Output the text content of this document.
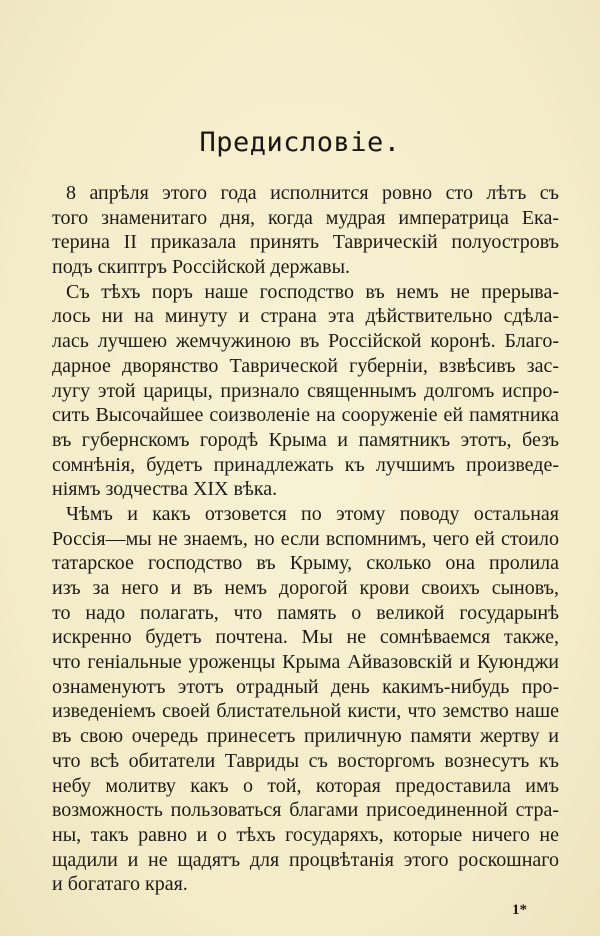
Предисловіе.
8 апрѣля этого года исполнится ровно сто лѣтъ съ
того знаменитаго дня, когда мудрая императрица Ека-
терина II приказала принять Таврическій полуостровъ
подъ скиптръ Россійской державы.
Съ тѣхъ поръ наше господство въ немъ не прерыва-
лось ни на минуту и страна эта дѣйствительно сдѣла-
лась лучшею жемчужиною въ Россійской коронѣ. Благо-
дарное дворянство Таврической губерніи, взвѣсивъ зас-
лугу этой царицы, признало священнымъ долгомъ испро-
сить Высочайшее соизволеніе на сооруженіе ей памятника
въ губернскомъ городѣ Крыма и памятникъ этотъ, безъ
сомнѣнія, будетъ принадлежать къ лучшимъ произведе-
ніямъ зодчества XIX вѣка.
Чѣмъ и какъ отзовется по этому поводу остальная
Россія—мы не знаемъ, но если вспомнимъ, чего ей стоило
татарское господство въ Крыму, сколько она пролила
изъ за него и въ немъ дорогой крови своихъ сыновъ,
то надо полагать, что память о великой государынѣ
искренно будетъ почтена. Мы не сомнѣваемся также,
что геніальные уроженцы Крыма Айвазовскій и Куюнджи
ознаменуютъ этотъ отрадный день какимъ-нибудь про-
изведеніемъ своей блистательной кисти, что земство наше
въ свою очередь принесетъ приличную памяти жертву и
что всѣ обитатели Тавриды съ восторгомъ вознесутъ къ
небу молитву какъ о той, которая предоставила имъ
возможность пользоваться благами присоединенной стра-
ны, такъ равно и о тѣхъ государяхъ, которые ничего не
щадили и не щадятъ для процвѣтанія этого роскошнаго
и богатаго края.
1*
